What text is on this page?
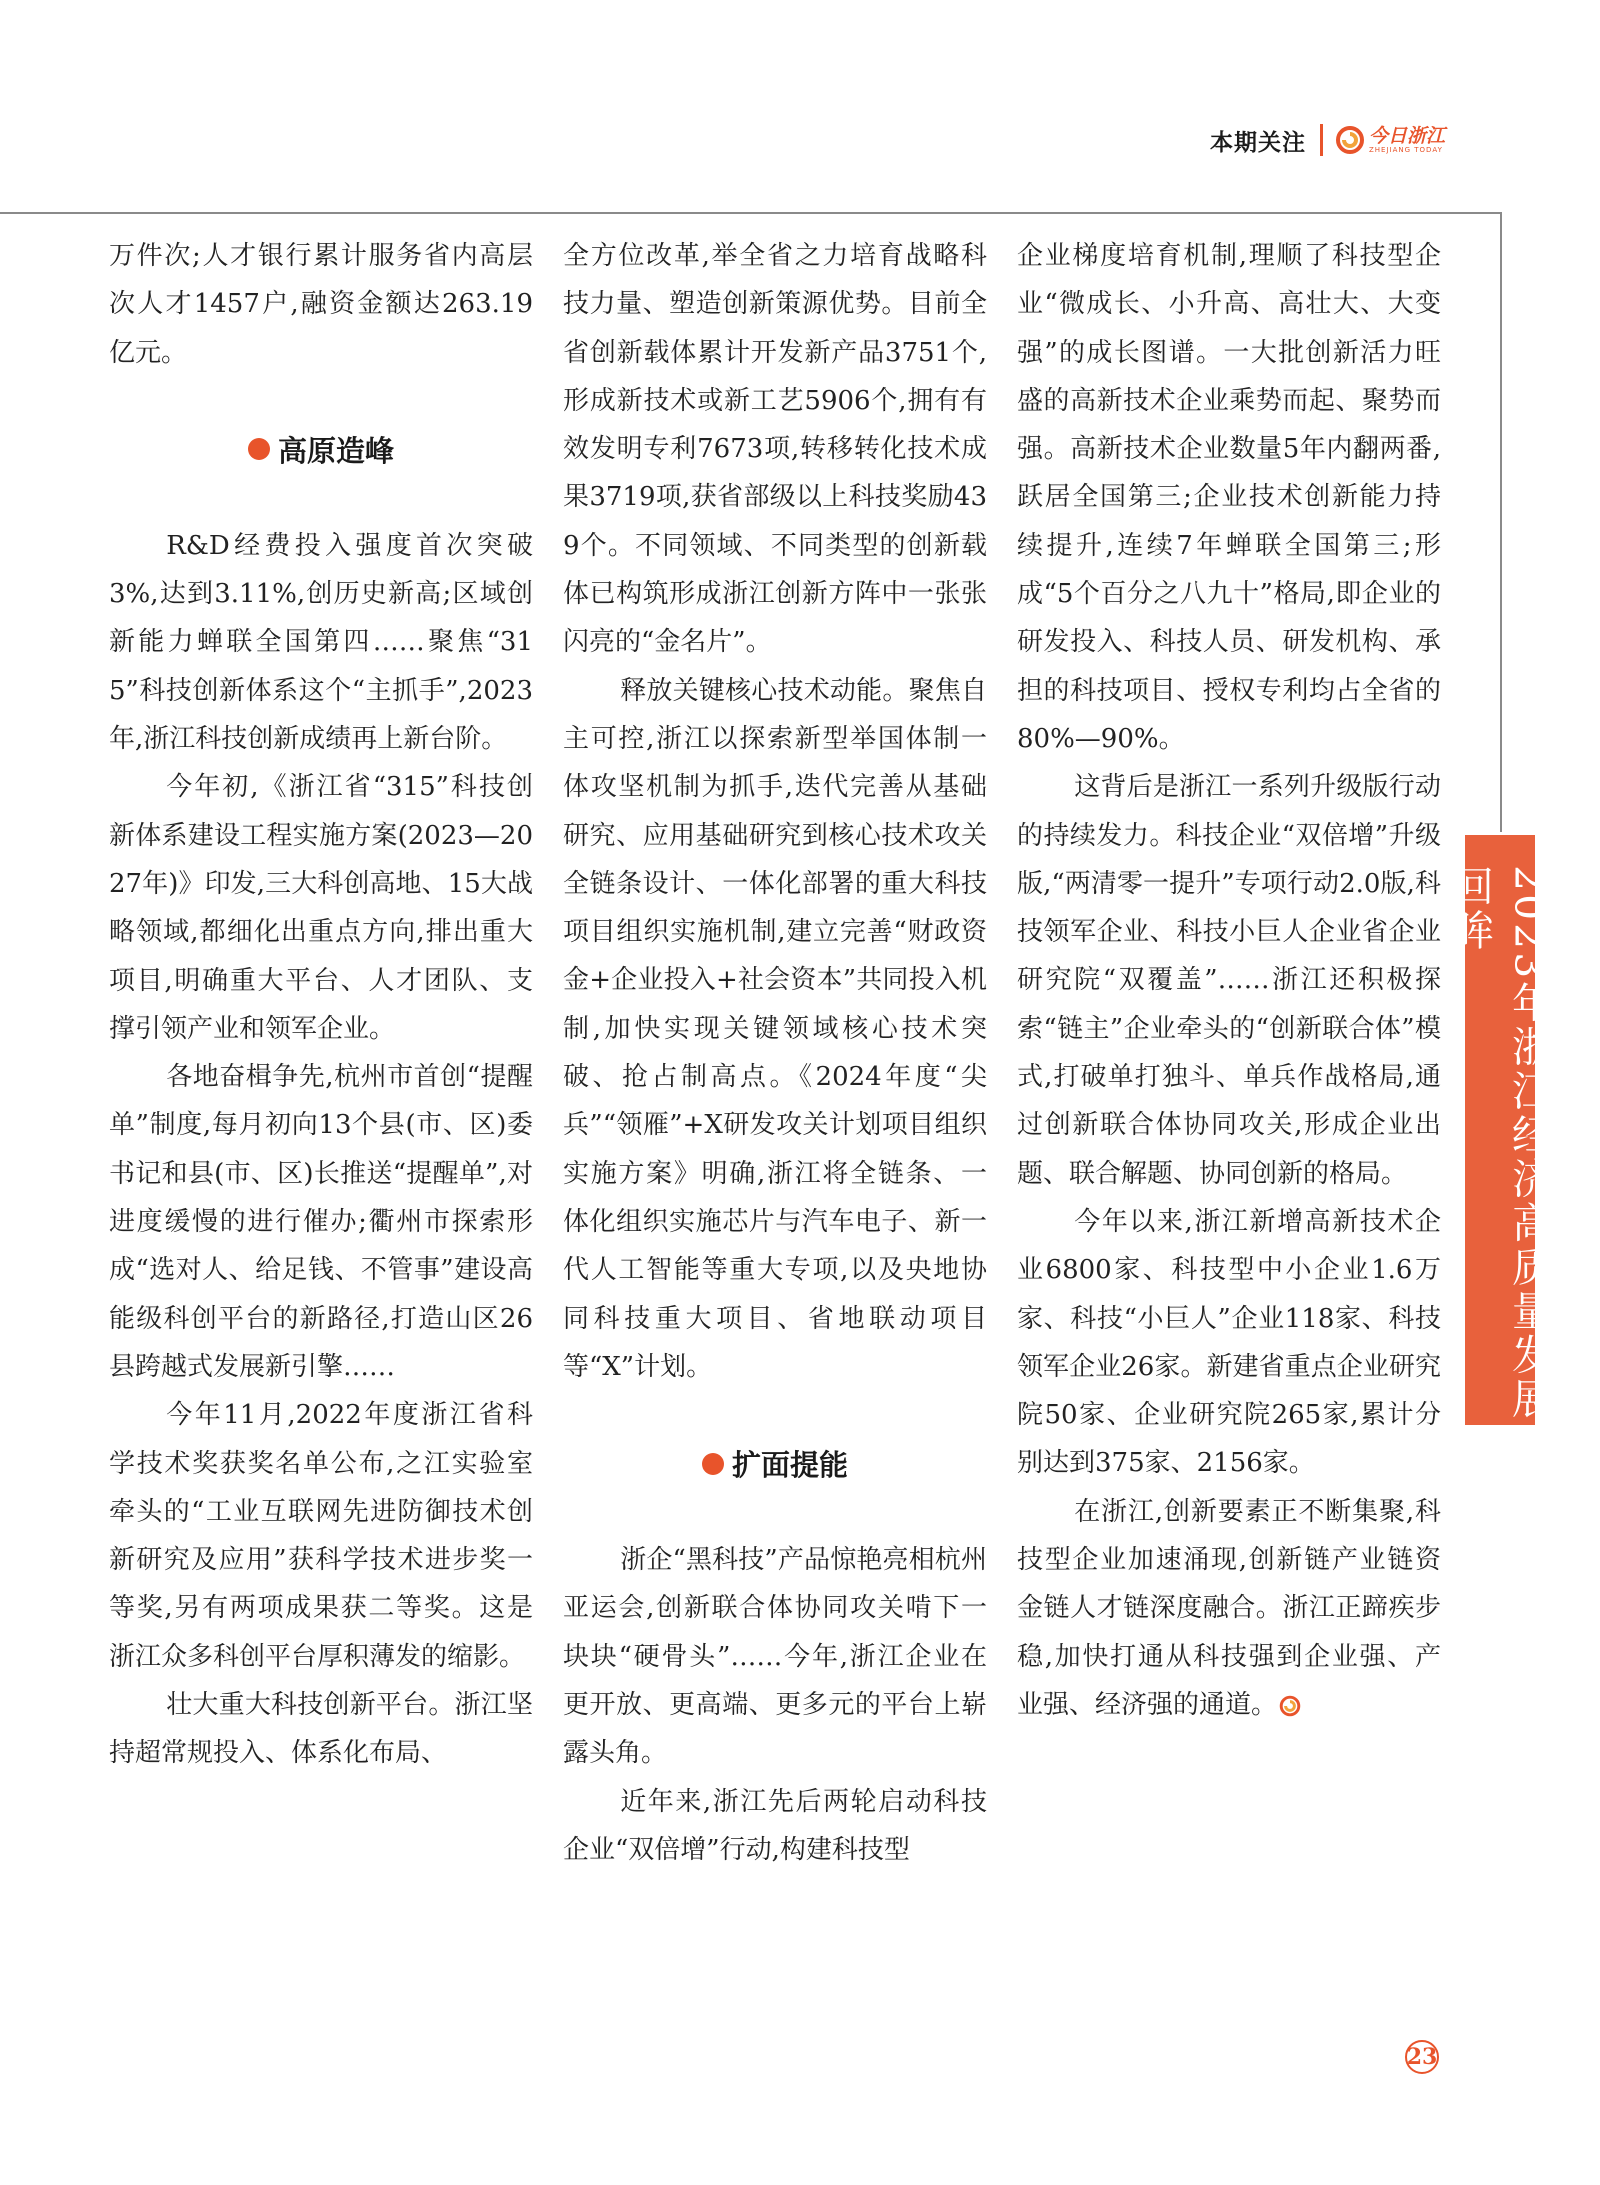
本期关注	今日浙江
ZHEJIANG TODAY

万件次;人才银行累计服务省内高层次人才1457户,融资金额达263.19亿元。

高原造峰

R&D经费投入强度首次突破3%,达到3.11%,创历史新高;区域创新能力蝉联全国第四……聚焦“315”科技创新体系这个“主抓手”,2023年,浙江科技创新成绩再上新台阶。

今年初,《浙江省“315”科技创新体系建设工程实施方案(2023—2027年)》印发,三大科创高地、15大战略领域,都细化出重点方向,排出重大项目,明确重大平台、人才团队、支撑引领产业和领军企业。

各地奋楫争先,杭州市首创“提醒单”制度,每月初向13个县(市、区)委书记和县(市、区)长推送“提醒单”,对进度缓慢的进行催办;衢州市探索形成“选对人、给足钱、不管事”建设高能级科创平台的新路径,打造山区26县跨越式发展新引擎……

今年11月,2022年度浙江省科学技术奖获奖名单公布,之江实验室牵头的“工业互联网先进防御技术创新研究及应用”获科学技术进步奖一等奖,另有两项成果获二等奖。这是浙江众多科创平台厚积薄发的缩影。

壮大重大科技创新平台。浙江坚持超常规投入、体系化布局、

全方位改革,举全省之力培育战略科技力量、塑造创新策源优势。目前全省创新载体累计开发新产品3751个,形成新技术或新工艺5906个,拥有有效发明专利7673项,转移转化技术成果3719项,获省部级以上科技奖励439个。不同领域、不同类型的创新载体已构筑形成浙江创新方阵中一张张闪亮的“金名片”。

释放关键核心技术动能。聚焦自主可控,浙江以探索新型举国体制一体攻坚机制为抓手,迭代完善从基础研究、应用基础研究到核心技术攻关全链条设计、一体化部署的重大科技项目组织实施机制,建立完善“财政资金+企业投入+社会资本”共同投入机制,加快实现关键领域核心技术突破、抢占制高点。《2024年度“尖兵”“领雁”+X研发攻关计划项目组织实施方案》明确,浙江将全链条、一体化组织实施芯片与汽车电子、新一代人工智能等重大专项,以及央地协同科技重大项目、省地联动项目等“X”计划。

扩面提能

浙企“黑科技”产品惊艳亮相杭州亚运会,创新联合体协同攻关啃下一块块“硬骨头”……今年,浙江企业在更开放、更高端、更多元的平台上崭露头角。

近年来,浙江先后两轮启动科技企业“双倍增”行动,构建科技型

企业梯度培育机制,理顺了科技型企业“微成长、小升高、高壮大、大变强”的成长图谱。一大批创新活力旺盛的高新技术企业乘势而起、聚势而强。高新技术企业数量5年内翻两番,跃居全国第三;企业技术创新能力持续提升,连续7年蝉联全国第三;形成“5个百分之八九十”格局,即企业的研发投入、科技人员、研发机构、承担的科技项目、授权专利均占全省的80%—90%。

这背后是浙江一系列升级版行动的持续发力。科技企业“双倍增”升级版,“两清零一提升”专项行动2.0版,科技领军企业、科技小巨人企业省企业研究院“双覆盖”……浙江还积极探索“链主”企业牵头的“创新联合体”模式,打破单打独斗、单兵作战格局,通过创新联合体协同攻关,形成企业出题、联合解题、协同创新的格局。

今年以来,浙江新增高新技术企业6800家、科技型中小企业1.6万家、科技“小巨人”企业118家、科技领军企业26家。新建省重点企业研究院50家、企业研究院265家,累计分别达到375家、2156家。

在浙江,创新要素正不断集聚,科技型企业加速涌现,创新链产业链资金链人才链深度融合。浙江正蹄疾步稳,加快打通从科技强到企业强、产业强、经济强的通道。

2023年浙江经济高质量发展回眸
23
